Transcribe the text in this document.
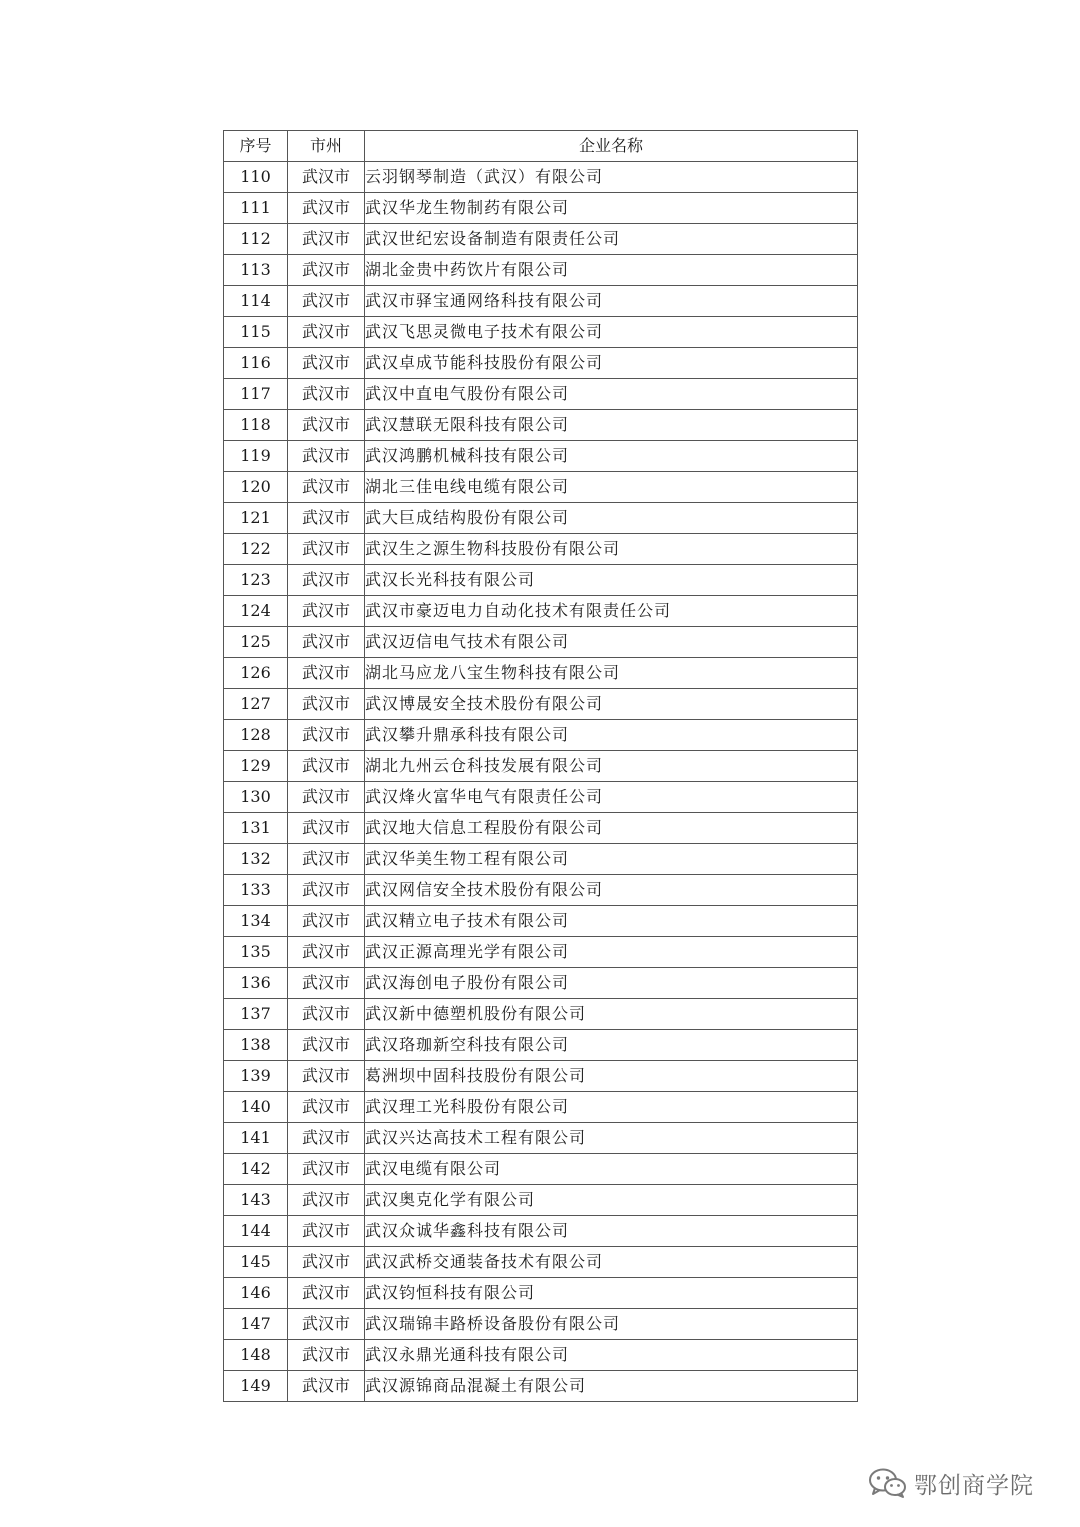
序号	市州	企业名称
110	武汉市	云羽钢琴制造（武汉）有限公司
111	武汉市	武汉华龙生物制药有限公司
112	武汉市	武汉世纪宏设备制造有限责任公司
113	武汉市	湖北金贵中药饮片有限公司
114	武汉市	武汉市驿宝通网络科技有限公司
115	武汉市	武汉飞思灵微电子技术有限公司
116	武汉市	武汉卓成节能科技股份有限公司
117	武汉市	武汉中直电气股份有限公司
118	武汉市	武汉慧联无限科技有限公司
119	武汉市	武汉鸿鹏机械科技有限公司
120	武汉市	湖北三佳电线电缆有限公司
121	武汉市	武大巨成结构股份有限公司
122	武汉市	武汉生之源生物科技股份有限公司
123	武汉市	武汉长光科技有限公司
124	武汉市	武汉市豪迈电力自动化技术有限责任公司
125	武汉市	武汉迈信电气技术有限公司
126	武汉市	湖北马应龙八宝生物科技有限公司
127	武汉市	武汉博晟安全技术股份有限公司
128	武汉市	武汉攀升鼎承科技有限公司
129	武汉市	湖北九州云仓科技发展有限公司
130	武汉市	武汉烽火富华电气有限责任公司
131	武汉市	武汉地大信息工程股份有限公司
132	武汉市	武汉华美生物工程有限公司
133	武汉市	武汉网信安全技术股份有限公司
134	武汉市	武汉精立电子技术有限公司
135	武汉市	武汉正源高理光学有限公司
136	武汉市	武汉海创电子股份有限公司
137	武汉市	武汉新中德塑机股份有限公司
138	武汉市	武汉珞珈新空科技有限公司
139	武汉市	葛洲坝中固科技股份有限公司
140	武汉市	武汉理工光科股份有限公司
141	武汉市	武汉兴达高技术工程有限公司
142	武汉市	武汉电缆有限公司
143	武汉市	武汉奥克化学有限公司
144	武汉市	武汉众诚华鑫科技有限公司
145	武汉市	武汉武桥交通装备技术有限公司
146	武汉市	武汉钧恒科技有限公司
147	武汉市	武汉瑞锦丰路桥设备股份有限公司
148	武汉市	武汉永鼎光通科技有限公司
149	武汉市	武汉源锦商品混凝土有限公司
鄂创商学院
